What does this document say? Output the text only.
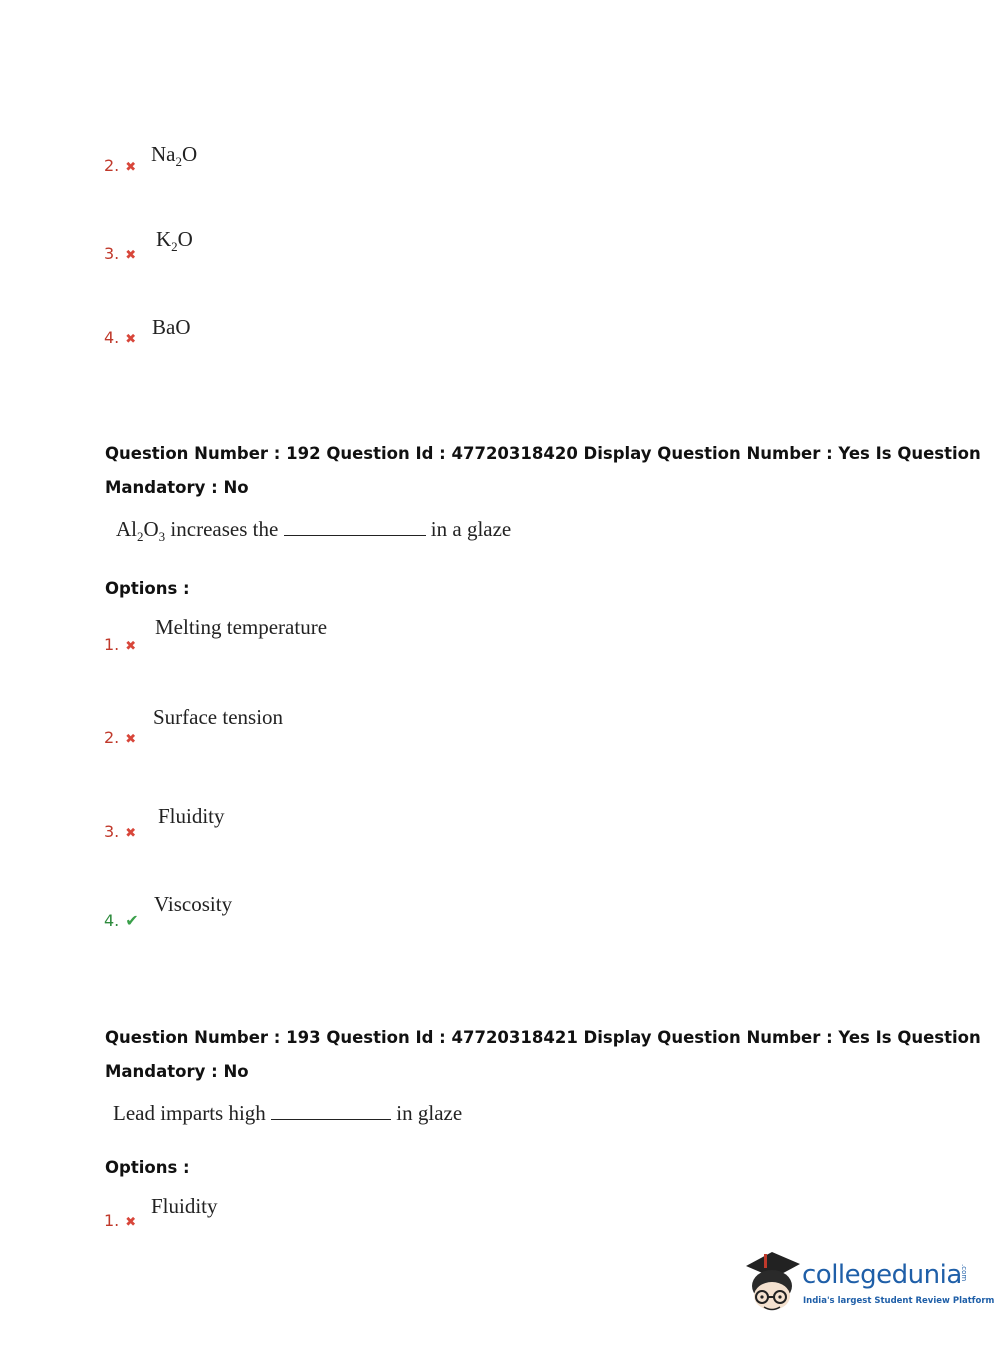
2. ✖
$Na_2O$
3. ✖
$K_2O$
4. ✖
BaO
Question Number : 192 Question Id : 47720318420 Display Question Number : Yes Is Question
Mandatory : No
$Al_2O_3$ increases the	in a glaze
Options :
1. ✖
Melting temperature
2. ✖
Surface tension
3. ✖
Fluidity
4. ✔
Viscosity
Question Number : 193 Question Id : 47720318421 Display Question Number : Yes Is Question
Mandatory : No
Lead imparts high	in glaze
Options :
1. ✖
Fluidity
collegedunia
.com
India's largest Student Review Platform
